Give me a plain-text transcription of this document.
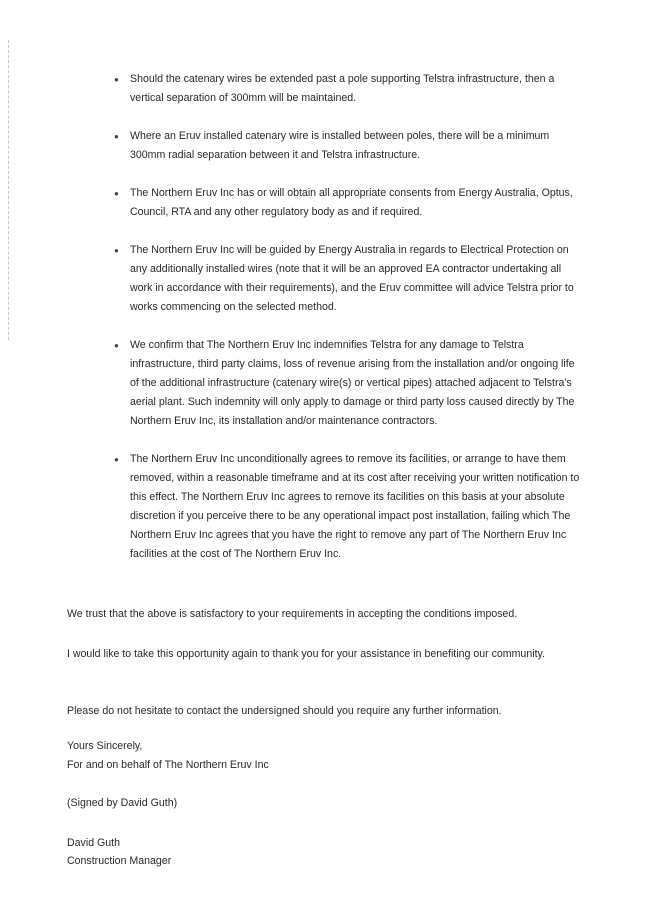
● Should the catenary wires be extended past a pole supporting Telstra infrastructure, then a vertical separation of 300mm will be maintained.
● Where an Eruv installed catenary wire is installed between poles, there will be a minimum 300mm radial separation between it and Telstra infrastructure.
● The Northern Eruv Inc has or will obtain all appropriate consents from Energy Australia, Optus, Council, RTA and any other regulatory body as and if required.
● The Northern Eruv Inc will be guided by Energy Australia in regards to Electrical Protection on any additionally installed wires (note that it will be an approved EA contractor undertaking all work in accordance with their requirements), and the Eruv committee will advice Telstra prior to works commencing on the selected method.
● We confirm that The Northern Eruv Inc indemnifies Telstra for any damage to Telstra infrastructure, third party claims, loss of revenue arising from the installation and/or ongoing life of the additional infrastructure (catenary wire(s) or vertical pipes) attached adjacent to Telstra's aerial plant. Such indemnity will only apply to damage or third party loss caused directly by The Northern Eruv Inc, its installation and/or maintenance contractors.
● The Northern Eruv Inc unconditionally agrees to remove its facilities, or arrange to have them removed, within a reasonable timeframe and at its cost after receiving your written notification to this effect. The Northern Eruv Inc agrees to remove its facilities on this basis at your absolute discretion if you perceive there to be any operational impact post installation, failing which The Northern Eruv Inc agrees that you have the right to remove any part of The Northern Eruv Inc facilities at the cost of The Northern Eruv Inc.

We trust that the above is satisfactory to your requirements in accepting the conditions imposed.

I would like to take this opportunity again to thank you for your assistance in benefiting our community.

Please do not hesitate to contact the undersigned should you require any further information.

Yours Sincerely,

For and on behalf of The Northern Eruv Inc

(Signed by David Guth)

David Guth

Construction Manager
